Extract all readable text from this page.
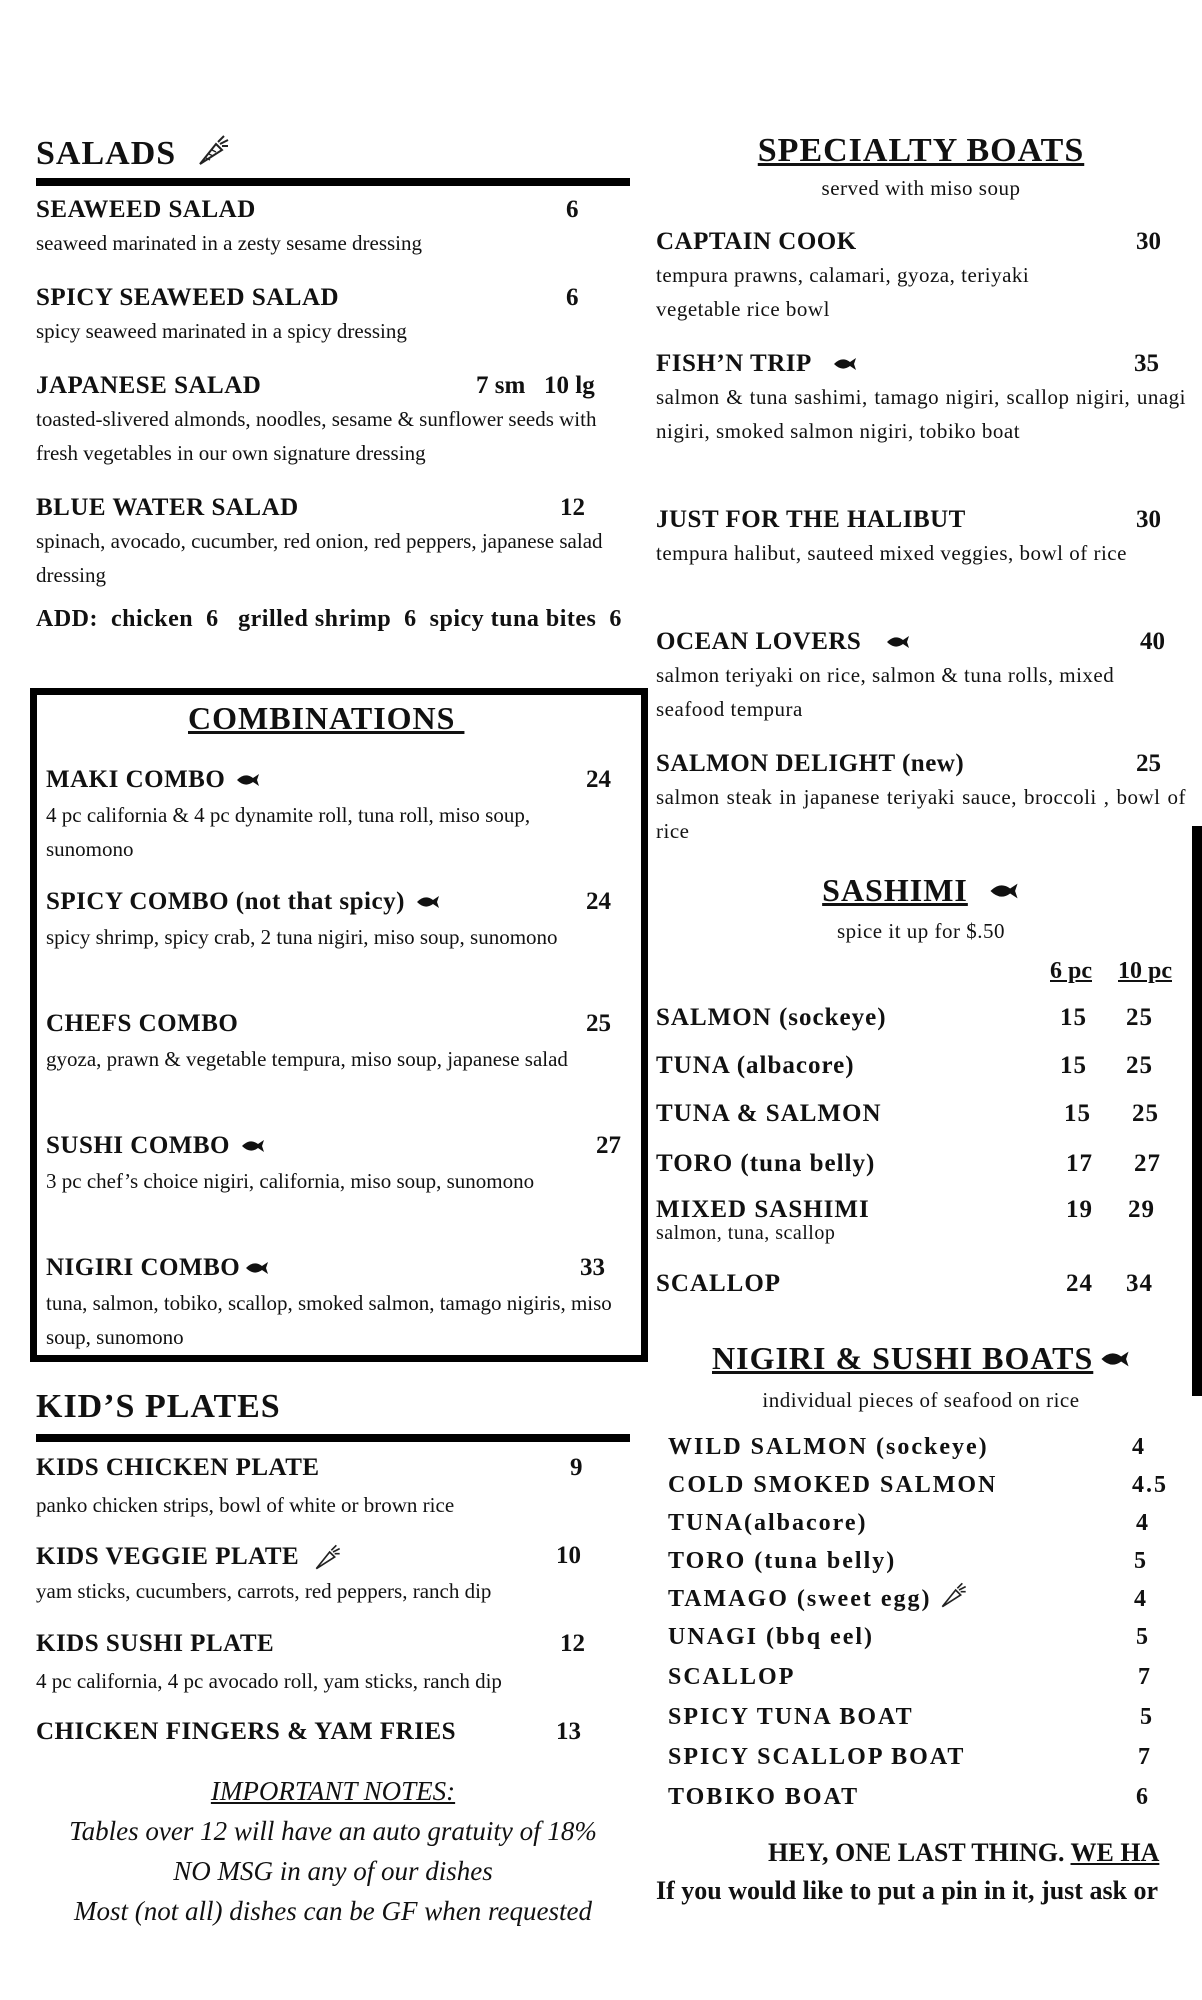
SALADS
SEAWEED SALAD	6
seaweed marinated in a zesty sesame dressing
SPICY SEAWEED SALAD	6
spicy seaweed marinated in a spicy dressing
JAPANESE SALAD	7 sm   10 lg
toasted-slivered almonds, noodles, sesame & sunflower seeds with fresh vegetables in our own signature dressing
BLUE WATER SALAD	12
spinach, avocado, cucumber, red onion, red peppers, japanese salad dressing
ADD:  chicken  6   grilled shrimp  6  spicy tuna bites  6
COMBINATIONS
MAKI COMBO	24
4 pc california & 4 pc dynamite roll, tuna roll, miso soup, sunomono
SPICY COMBO (not that spicy)	24
spicy shrimp, spicy crab, 2 tuna nigiri, miso soup, sunomono
CHEFS COMBO	25
gyoza, prawn & vegetable tempura, miso soup, japanese salad
SUSHI COMBO	27
3 pc chef’s choice nigiri, california, miso soup, sunomono
NIGIRI COMBO	33
tuna, salmon, tobiko, scallop, smoked salmon, tamago nigiris, miso soup, sunomono
KID’S PLATES
KIDS CHICKEN PLATE	9
panko chicken strips, bowl of white or brown rice
KIDS VEGGIE PLATE	10
yam sticks, cucumbers, carrots, red peppers, ranch dip
KIDS SUSHI PLATE	12
4 pc california, 4 pc avocado roll, yam sticks, ranch dip
CHICKEN FINGERS & YAM FRIES	13
IMPORTANT NOTES:
Tables over 12 will have an auto gratuity of 18%
NO MSG in any of our dishes
Most (not all) dishes can be GF when requested
SPECIALTY BOATS
served with miso soup
CAPTAIN COOK	30
tempura prawns, calamari, gyoza, teriyaki vegetable rice bowl
FISH’N TRIP	35
salmon & tuna sashimi, tamago nigiri, scallop nigiri, unagi nigiri, smoked salmon nigiri, tobiko boat
JUST FOR THE HALIBUT	30
tempura halibut, sauteed mixed veggies, bowl of rice
OCEAN LOVERS	40
salmon teriyaki on rice, salmon & tuna rolls, mixed seafood tempura
SALMON DELIGHT (new)	25
salmon steak in japanese teriyaki sauce, broccoli , bowl of rice
SASHIMI
spice it up for $.50
6 pc 10 pc
SALMON (sockeye)	15 25
TUNA (albacore)	15 25
TUNA & SALMON	15 25
TORO (tuna belly)	17 27
MIXED SASHIMI	19 29
salmon, tuna, scallop
SCALLOP	24 34
NIGIRI & SUSHI BOATS
individual pieces of seafood on rice
WILD SALMON (sockeye)	4
COLD SMOKED SALMON	4.5
TUNA(albacore)	4
TORO (tuna belly)	5
TAMAGO (sweet egg)	4
UNAGI (bbq eel)	5
SCALLOP	7
SPICY TUNA BOAT	5
SPICY SCALLOP BOAT	7
TOBIKO BOAT	6
HEY, ONE LAST THING. WE HA
If you would like to put a pin in it, just ask or
